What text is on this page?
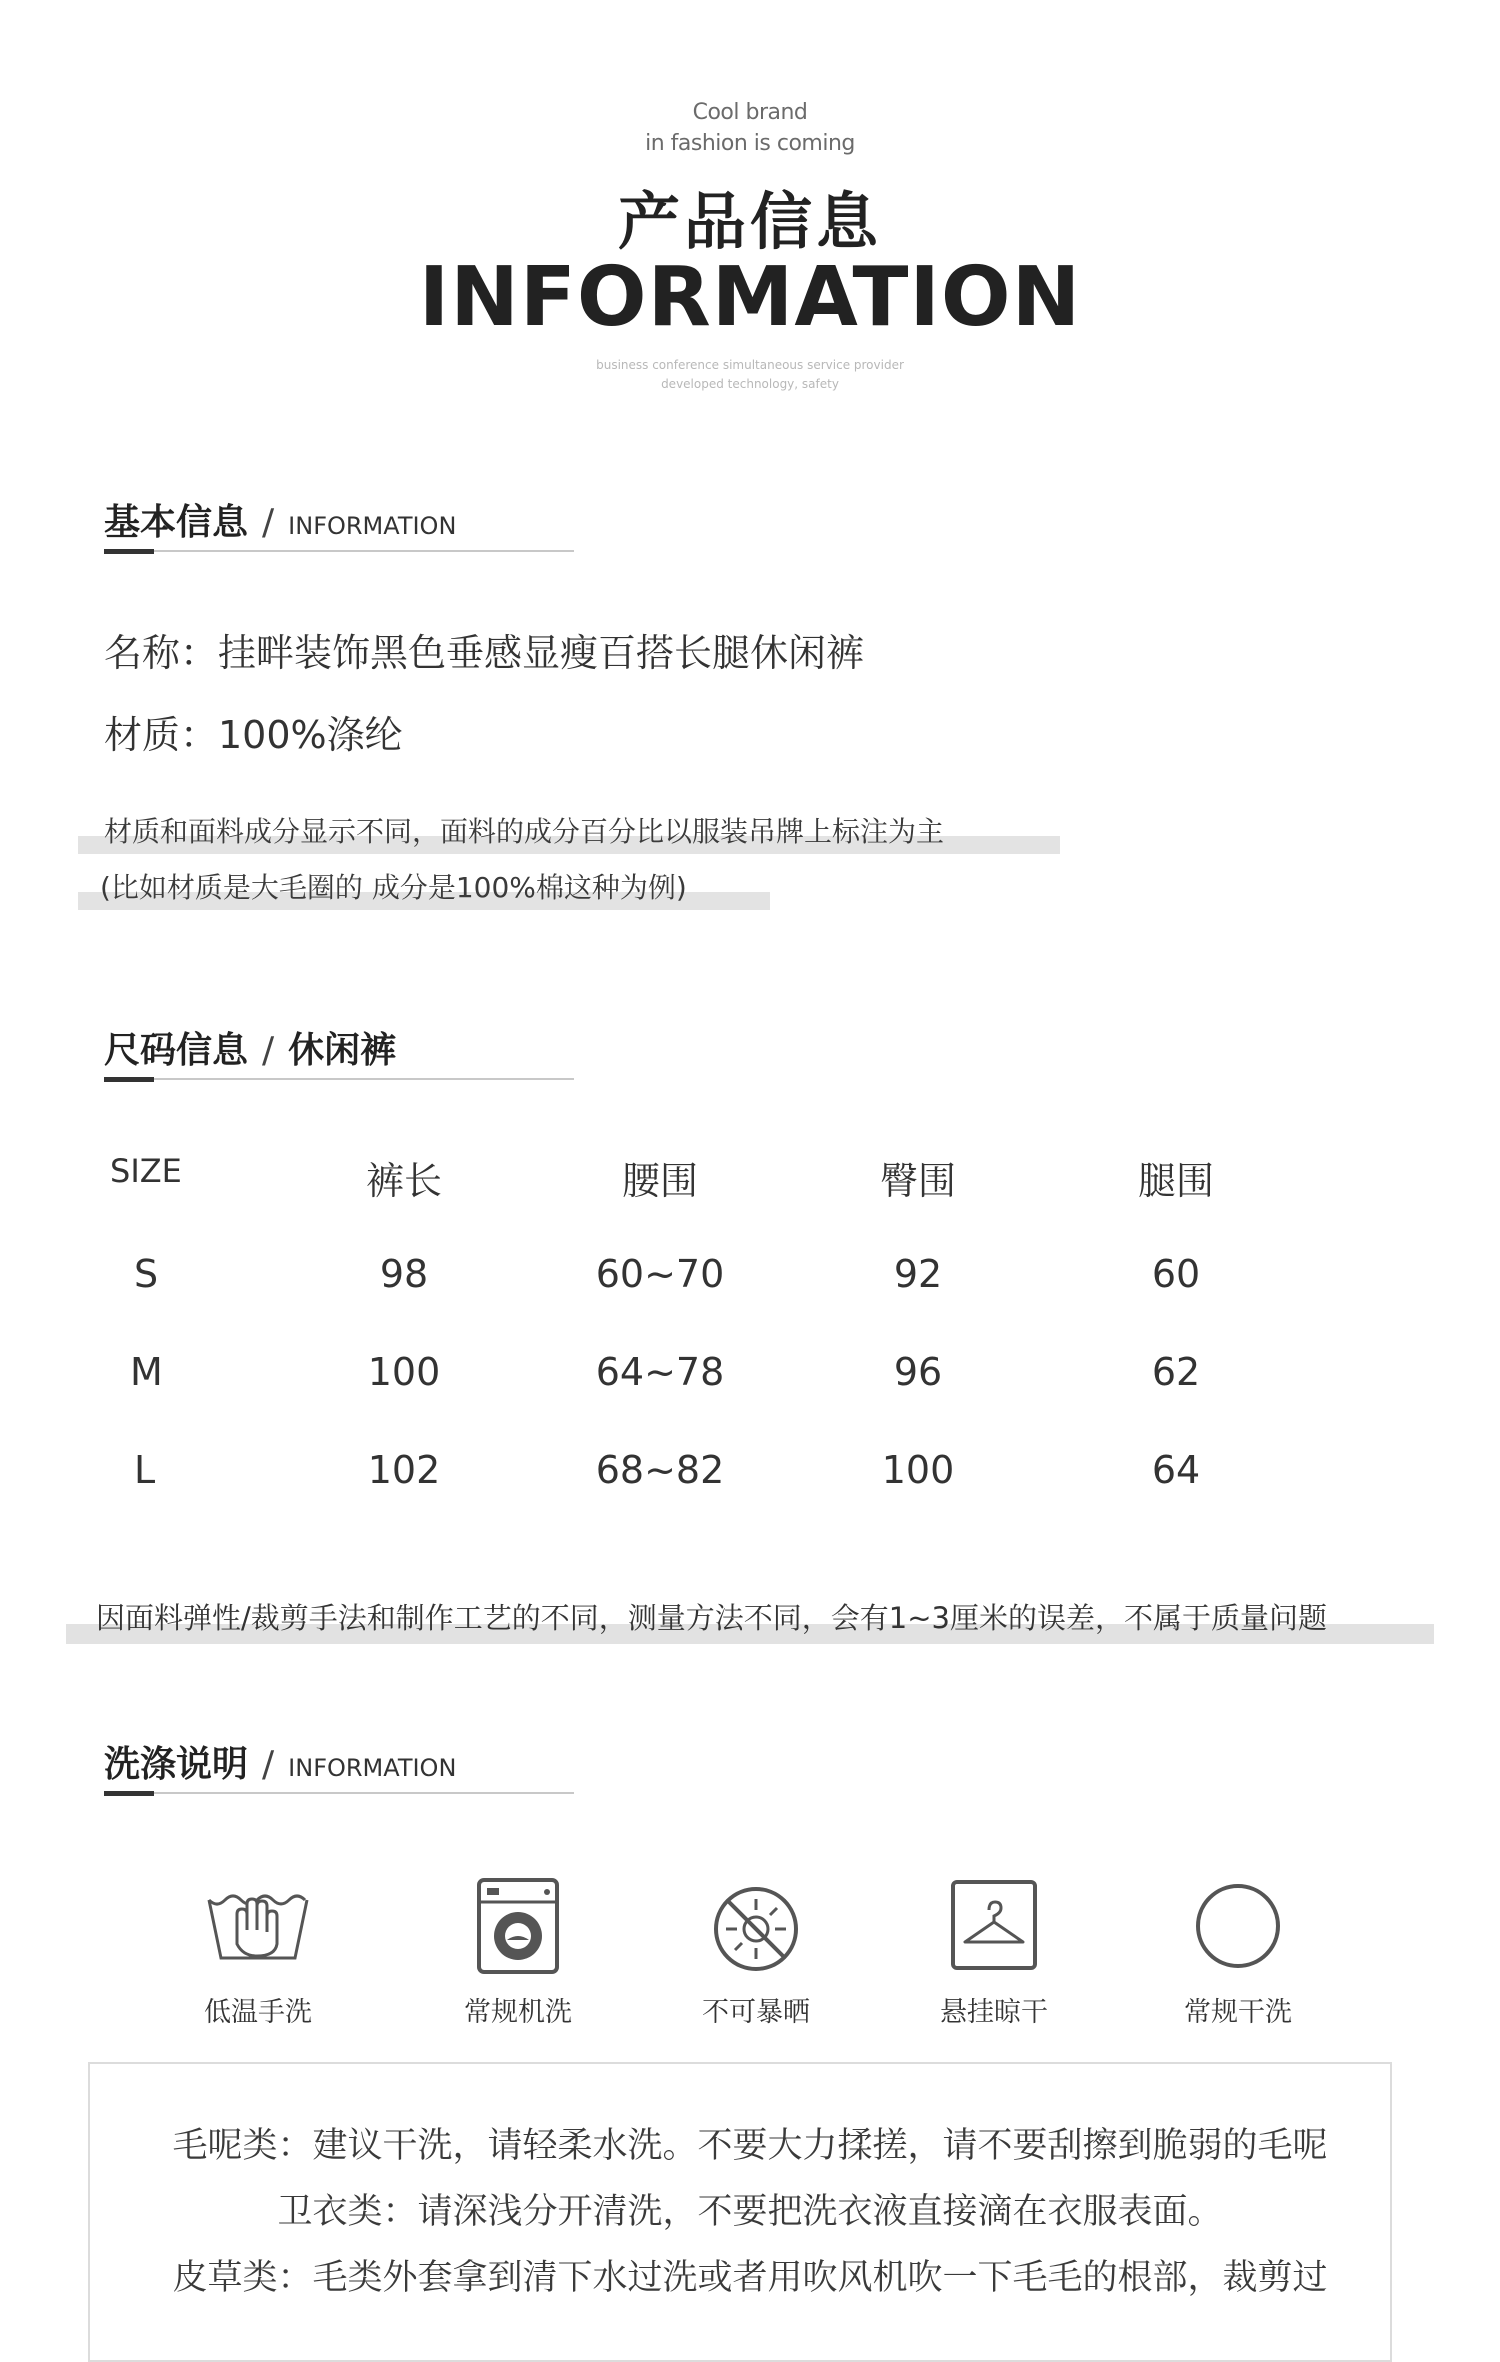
Cool brand
in fashion is coming
产品信息
INFORMATION
business conference simultaneous service provider
developed technology, safety
基本信息 / INFORMATION
名称：挂畔装饰黑色垂感显瘦百搭长腿休闲裤
材质：100%涤纶
材质和面料成分显示不同，面料的成分百分比以服装吊牌上标注为主
(比如材质是大毛圈的 成分是100%棉这种为例)
尺码信息 / 休闲裤
SIZE	裤长	腰围	臀围	腿围
S	98	60~70	92	60
M	100	64~78	96	62
L	102	68~82	100	64
因面料弹性/裁剪手法和制作工艺的不同，测量方法不同，会有1~3厘米的误差，不属于质量问题
洗涤说明 / INFORMATION
低温手洗	常规机洗	不可暴晒	悬挂晾干	常规干洗
毛呢类：建议干洗，请轻柔水洗。不要大力揉搓，请不要刮擦到脆弱的毛呢
卫衣类：请深浅分开清洗，不要把洗衣液直接滴在衣服表面。
皮草类：毛类外套拿到清下水过洗或者用吹风机吹一下毛毛的根部，裁剪过
